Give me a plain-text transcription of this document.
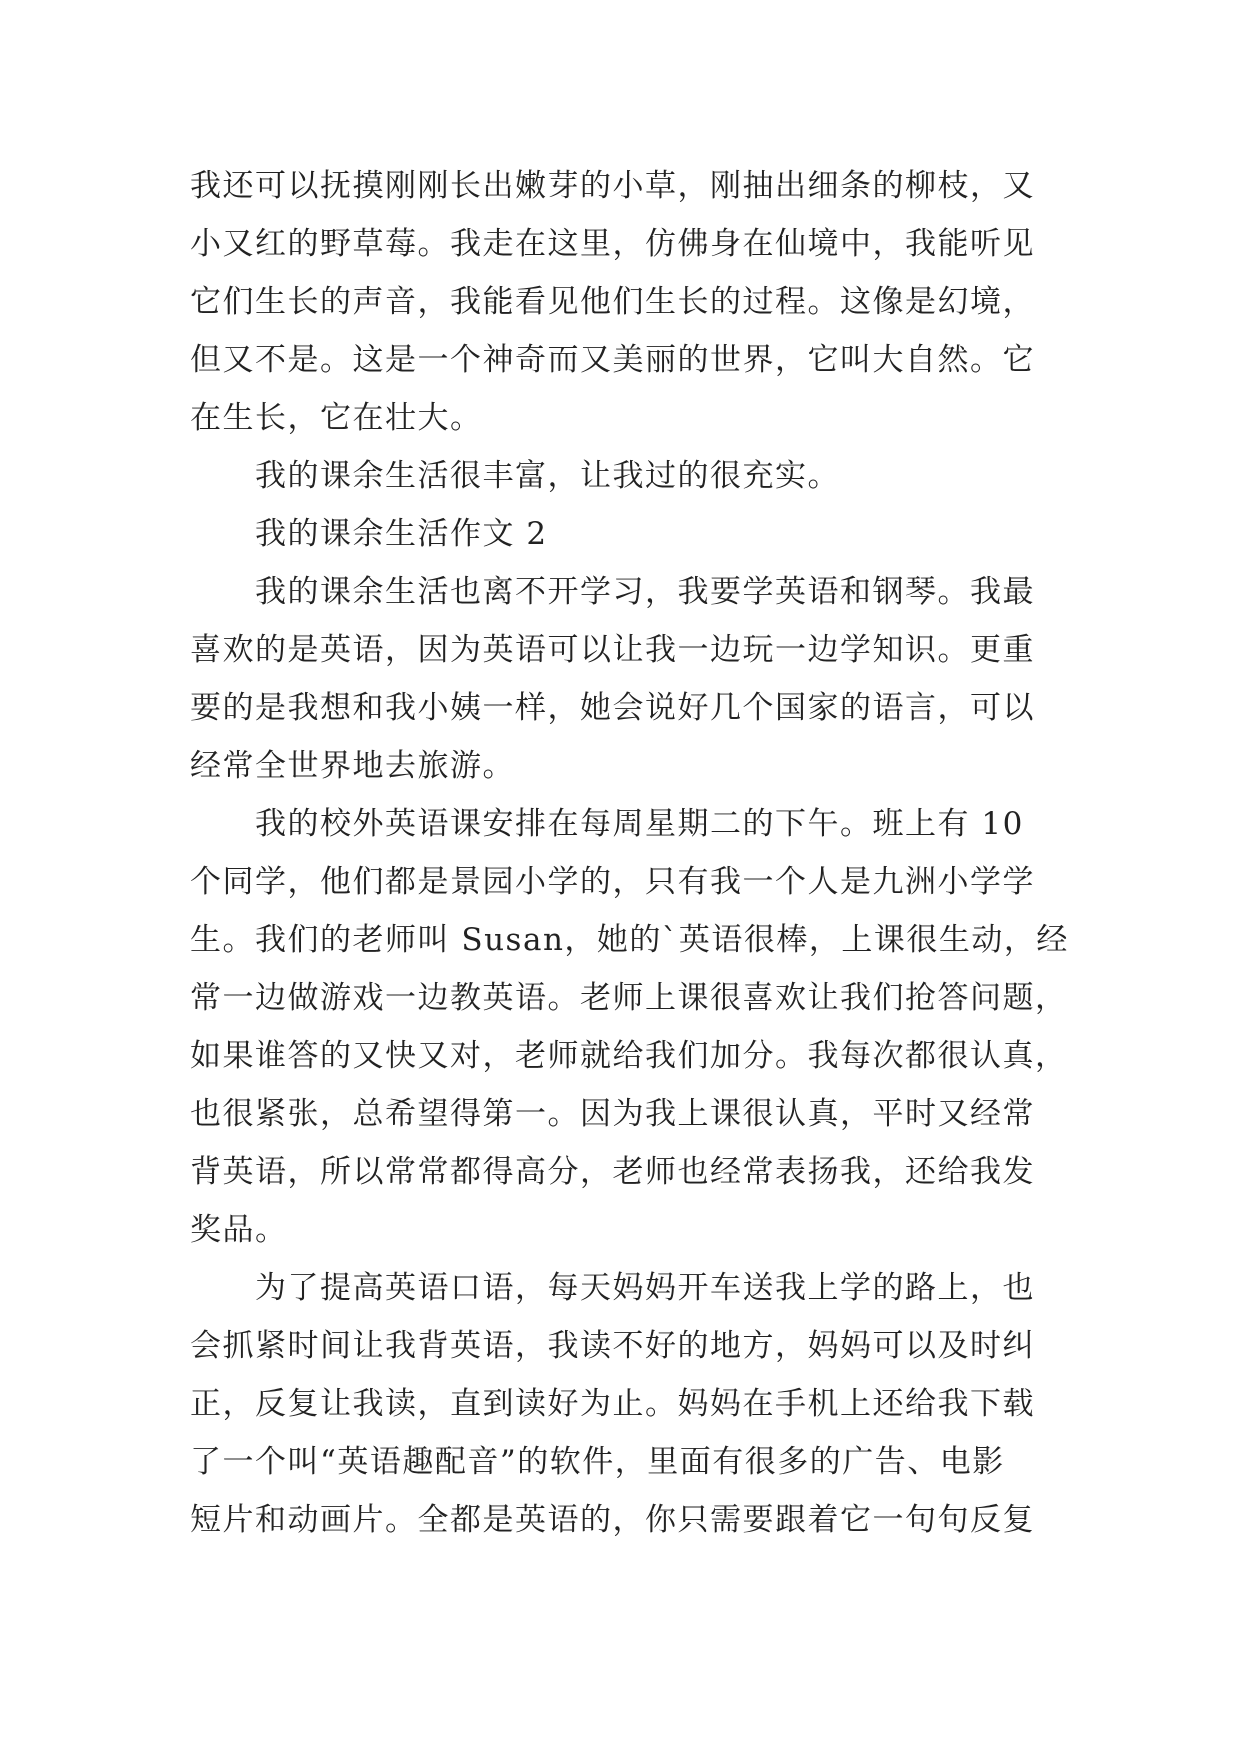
我还可以抚摸刚刚长出嫩芽的小草，刚抽出细条的柳枝，又
小又红的野草莓。我走在这里，仿佛身在仙境中，我能听见
它们生长的声音，我能看见他们生长的过程。这像是幻境，
但又不是。这是一个神奇而又美丽的世界，它叫大自然。它
在生长，它在壮大。
我的课余生活很丰富，让我过的很充实。
我的课余生活作文 2
我的课余生活也离不开学习，我要学英语和钢琴。我最
喜欢的是英语，因为英语可以让我一边玩一边学知识。更重
要的是我想和我小姨一样，她会说好几个国家的语言，可以
经常全世界地去旅游。
我的校外英语课安排在每周星期二的下午。班上有 10
个同学，他们都是景园小学的，只有我一个人是九洲小学学
生。我们的老师叫 Susan，她的`英语很棒，上课很生动，经
常一边做游戏一边教英语。老师上课很喜欢让我们抢答问题，
如果谁答的又快又对，老师就给我们加分。我每次都很认真，
也很紧张，总希望得第一。因为我上课很认真，平时又经常
背英语，所以常常都得高分，老师也经常表扬我，还给我发
奖品。
为了提高英语口语，每天妈妈开车送我上学的路上，也
会抓紧时间让我背英语，我读不好的地方，妈妈可以及时纠
正，反复让我读，直到读好为止。妈妈在手机上还给我下载
了一个叫“英语趣配音”的软件，里面有很多的广告、电影
短片和动画片。全都是英语的，你只需要跟着它一句句反复
